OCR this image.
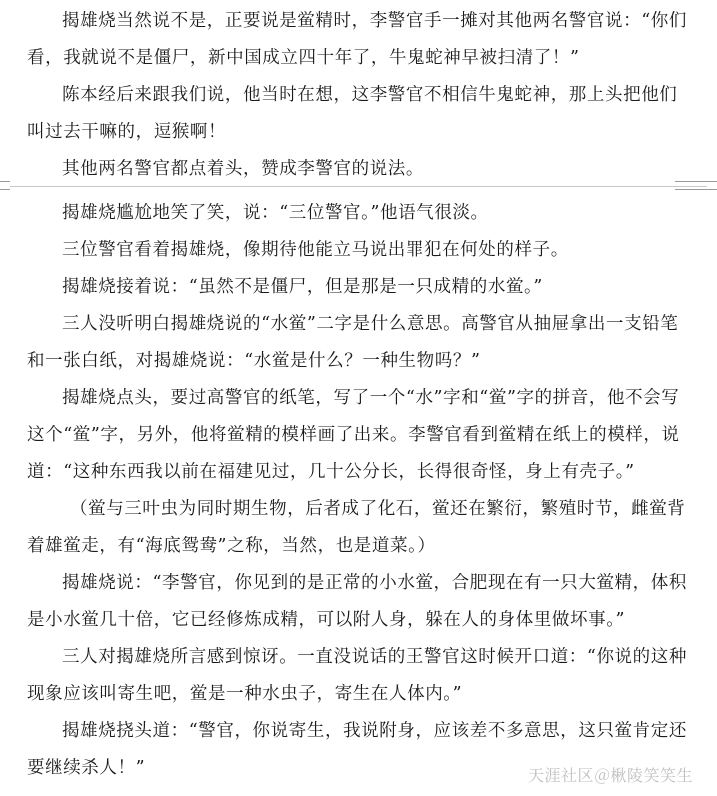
揭雄烧当然说不是，正要说是鲎精时，李警官手一摊对其他两名警官说：“你们看，我就说不是僵尸，新中国成立四十年了，牛鬼蛇神早被扫清了！”

陈本经后来跟我们说，他当时在想，这李警官不相信牛鬼蛇神，那上头把他们叫过去干嘛的，逗猴啊！

其他两名警官都点着头，赞成李警官的说法。

揭雄烧尴尬地笑了笑，说：“三位警官。”他语气很淡。

三位警官看着揭雄烧，像期待他能立马说出罪犯在何处的样子。

揭雄烧接着说：“虽然不是僵尸，但是那是一只成精的水鲎。”

三人没听明白揭雄烧说的“水鲎”二字是什么意思。高警官从抽屉拿出一支铅笔和一张白纸，对揭雄烧说：“水鲎是什么？一种生物吗？”

揭雄烧点头，要过高警官的纸笔，写了一个“水”字和“鲎”字的拼音，他不会写这个“鲎”字，另外，他将鲎精的模样画了出来。李警官看到鲎精在纸上的模样，说道：“这种东西我以前在福建见过，几十公分长，长得很奇怪，身上有壳子。”

（鲎与三叶虫为同时期生物，后者成了化石，鲎还在繁衍，繁殖时节，雌鲎背着雄鲎走，有“海底鸳鸯”之称，当然，也是道菜。）

揭雄烧说：“李警官，你见到的是正常的小水鲎，合肥现在有一只大鲎精，体积是小水鲎几十倍，它已经修炼成精，可以附人身，躲在人的身体里做坏事。”

三人对揭雄烧所言感到惊讶。一直没说话的王警官这时候开口道：“你说的这种现象应该叫寄生吧，鲎是一种水虫子，寄生在人体内。”

揭雄烧挠头道：“警官，你说寄生，我说附身，应该差不多意思，这只鲎肯定还要继续杀人！”	天涯社区＠楸陵笑笑生
